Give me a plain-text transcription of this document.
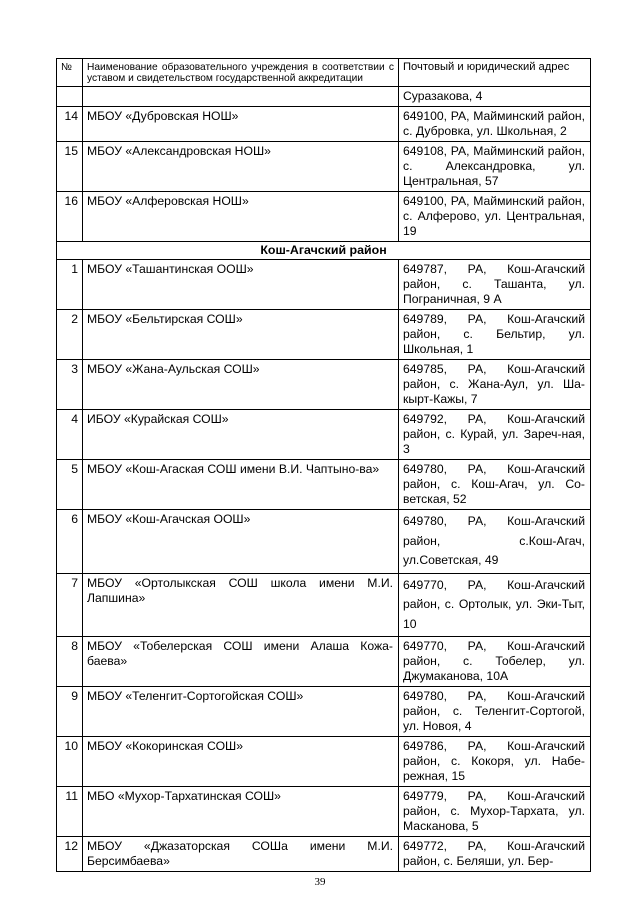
№	Наименование образовательного учреждения в соответствии с уставом и свидетельством государственной аккредитации	Почтовый и юридический адрес
		Суразакова, 4
14	МБОУ «Дубровская НОШ»	649100, РА, Майминский район, с. Дубровка, ул. Школьная, 2
15	МБОУ «Александровская НОШ»	649108, РА, Майминский район, с. Александровка, ул. Центральная, 57
16	МБОУ «Алферовская НОШ»	649100, РА, Майминский район, с. Алферово, ул. Центральная, 19
Кош-Агачский район		
1	МБОУ «Ташантинская ООШ»	649787, РА, Кош-Агачский район, с. Ташанта, ул. Пограничная, 9 А
2	МБОУ «Бельтирская СОШ»	649789, РА, Кош-Агачский район, с. Бельтир, ул. Школьная, 1
3	МБОУ «Жана-Аульская СОШ»	649785, РА, Кош-Агачский район, с. Жана-Аул, ул. Ша-кырт-Кажы, 7
4	ИБОУ «Курайская СОШ»	649792, РА, Кош-Агачский район, с. Курай, ул. Зареч-ная, 3
5	МБОУ «Кош-Агаская СОШ имени В.И. Чаптыно-ва»	649780, РА, Кош-Агачский район, с. Кош-Агач, ул. Со-ветская, 52
6	МБОУ «Кош-Агачская ООШ»	649780, РА, Кош-Агачский район, с.Кош-Агач, ул.Советская, 49
7	МБОУ «Ортолыкская СОШ школа имени М.И. Лапшина»	649770, РА, Кош-Агачский район, с. Ортолык, ул. Эки-Тыт, 10
8	МБОУ «Тобелерская СОШ имени Алаша Кожа-баева»	649770, РА, Кош-Агачский район, с. Тобелер, ул. Джумаканова, 10А
9	МБОУ «Теленгит-Сортогойская СОШ»	649780, РА, Кош-Агачский район, с. Теленгит-Сортогой, ул. Новоя, 4
10	МБОУ «Кокоринская СОШ»	649786, РА, Кош-Агачский район, с. Кокоря, ул. Набе-режная, 15
11	МБО «Мухор-Тархатинская СОШ»	649779, РА, Кош-Агачский район, с. Мухор-Тархата, ул. Масканова, 5
12	МБОУ «Джазаторская СОШа имени М.И. Берсимбаева»	649772, РА, Кош-Агачский район, с. Беляши, ул. Бер-
39
